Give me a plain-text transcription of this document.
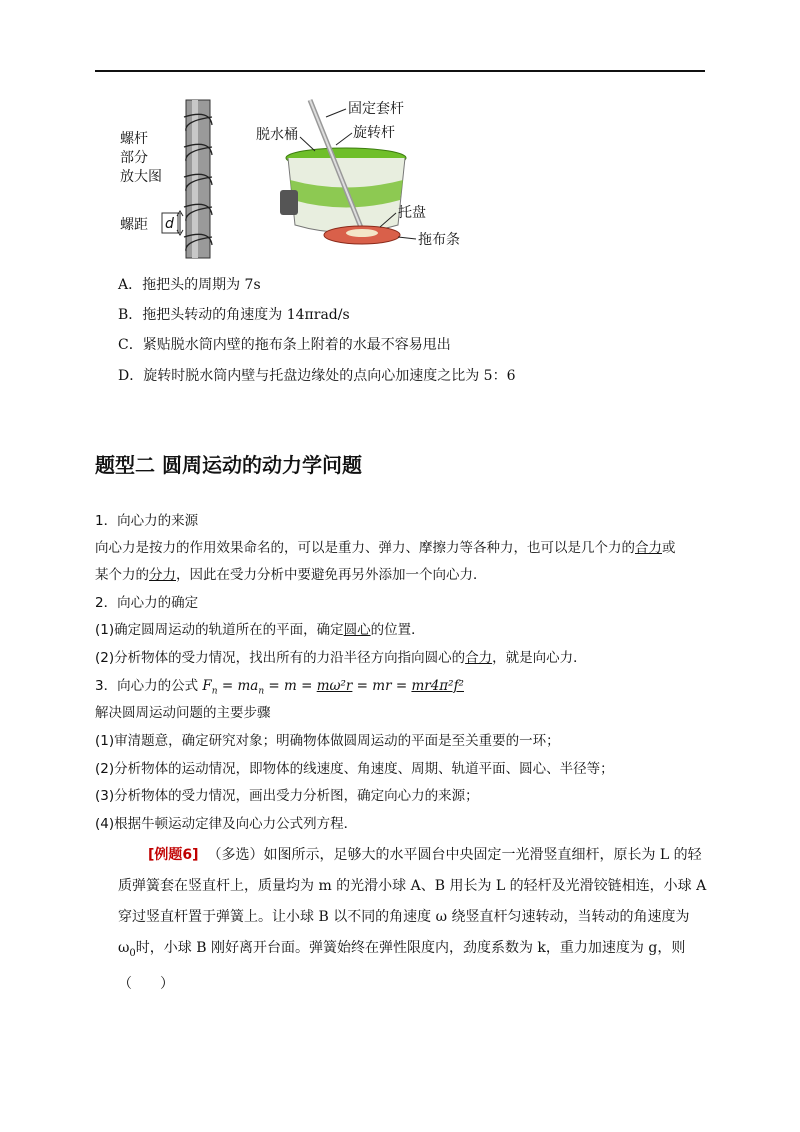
螺杆 部分 放大图
螺距 d
固定套杆
脱水桶	旋转杆
托盘
拖布条
A．拖把头的周期为 7s
B．拖把头转动的角速度为 14πrad/s
C．紧贴脱水筒内壁的拖布条上附着的水最不容易甩出
D．旋转时脱水筒内壁与托盘边缘处的点向心加速度之比为 5：6
题型二 圆周运动的动力学问题
1．向心力的来源
向心力是按力的作用效果命名的，可以是重力、弹力、摩擦力等各种力，也可以是几个力的合力或
某个力的分力，因此在受力分析中要避免再另外添加一个向心力．
2．向心力的确定
(1)确定圆周运动的轨道所在的平面，确定圆心的位置．
(2)分析物体的受力情况，找出所有的力沿半径方向指向圆心的合力，就是向心力．
3．向心力的公式 $F_n = ma_n = m = m\omega^2r$ = mr = mr4π²f²
解决圆周运动问题的主要步骤
(1)审清题意，确定研究对象；明确物体做圆周运动的平面是至关重要的一环；
(2)分析物体的运动情况，即物体的线速度、角速度、周期、轨道平面、圆心、半径等；
(3)分析物体的受力情况，画出受力分析图，确定向心力的来源；
(4)根据牛顿运动定律及向心力公式列方程．
[例题6] （多选）如图所示，足够大的水平圆台中央固定一光滑竖直细杆，原长为 L 的轻质弹簧套在竖直杆上，质量均为 m 的光滑小球 A、B 用长为 L 的轻杆及光滑铰链相连，小球 A 穿过竖直杆置于弹簧上。让小球 B 以不同的角速度 ω 绕竖直杆匀速转动，当转动的角速度为 $\omega_0$时，小球 B 刚好离开台面。弹簧始终在弹性限度内，劲度系数为 k，重力加速度为 g，则（　　）
